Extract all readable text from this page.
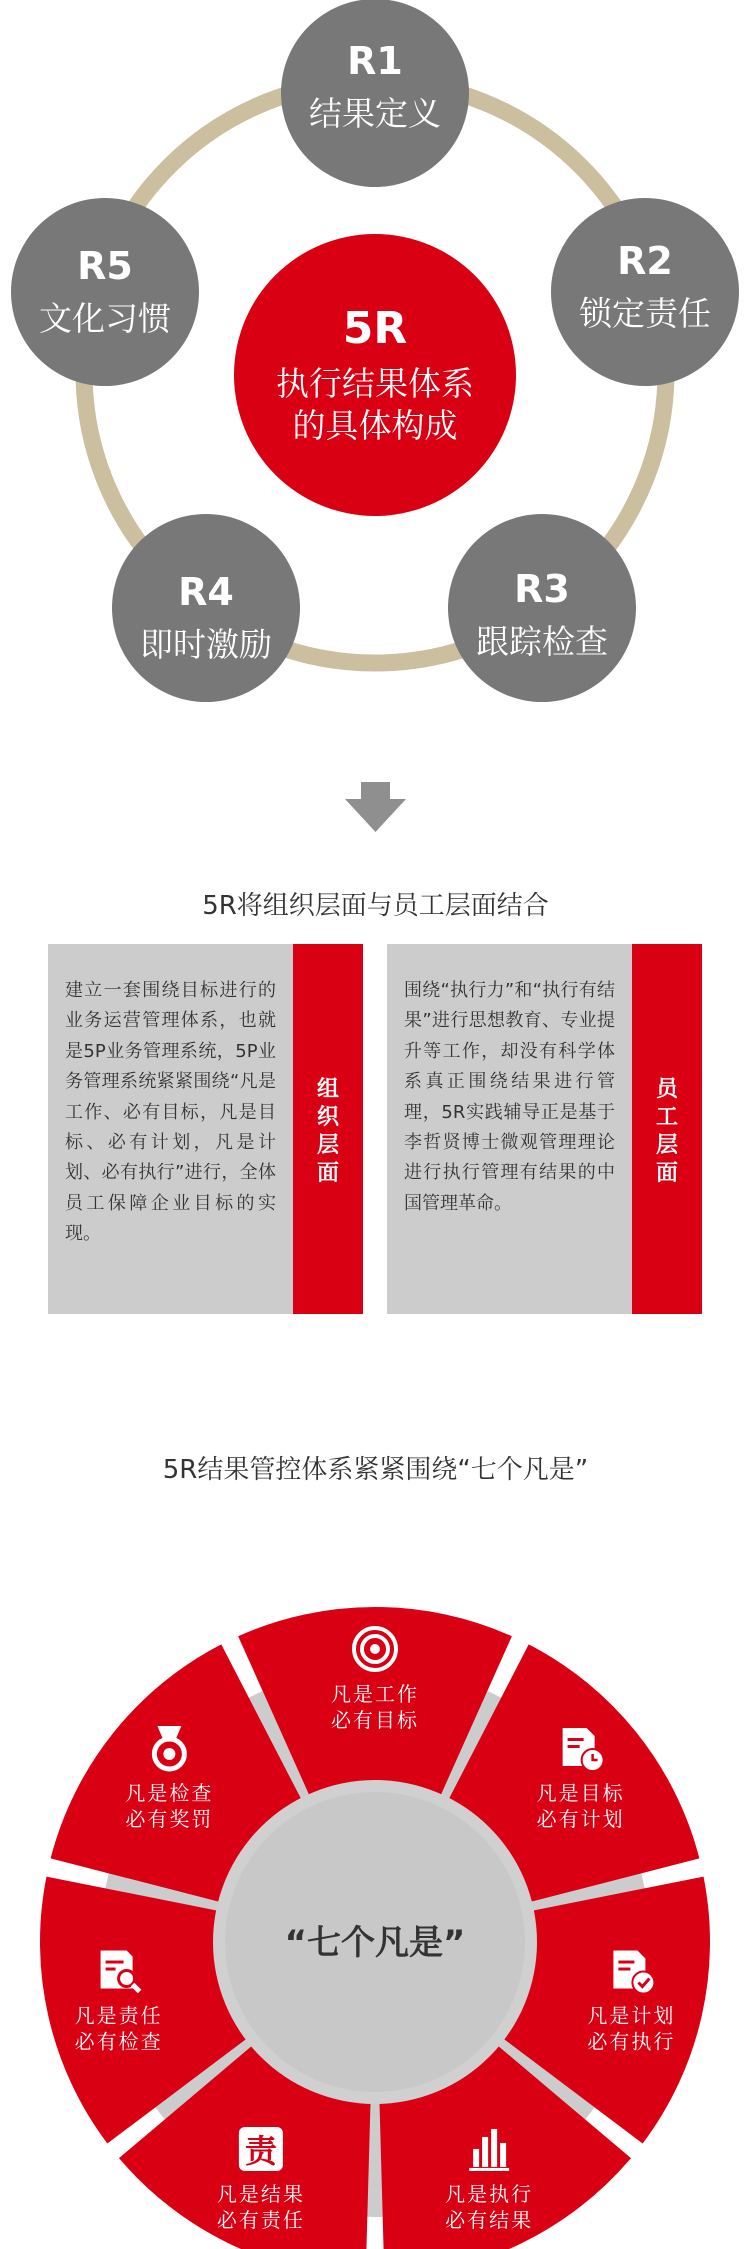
R1
结果定义
R2
锁定责任
R3
跟踪检查
R4
即时激励
R5
文化习惯	5R
执行结果体系
的具体构成
5R将组织层面与员工层面结合
建立一套围绕目标进行的业务运营管理体系，也就是5P业务管理系统，5P业务管理系统紧紧围绕“凡是工作、必有目标，凡是目标、必有计划，凡是计划、必有执行”进行，全体员工保障企业目标的实现。
组织层面
围绕“执行力”和“执行有结果”进行思想教育、专业提升等工作，却没有科学体系真正围绕结果进行管理，5R实践辅导正是基于李哲贤博士微观管理理论进行执行管理有结果的中国管理革命。
员工层面
5R结果管控体系紧紧围绕“七个凡是”
责
凡是工作
必有目标
凡是目标
必有计划
凡是计划
必有执行
凡是执行
必有结果
凡是结果
必有责任
凡是责任
必有检查
凡是检查
必有奖罚
“七个凡是”
